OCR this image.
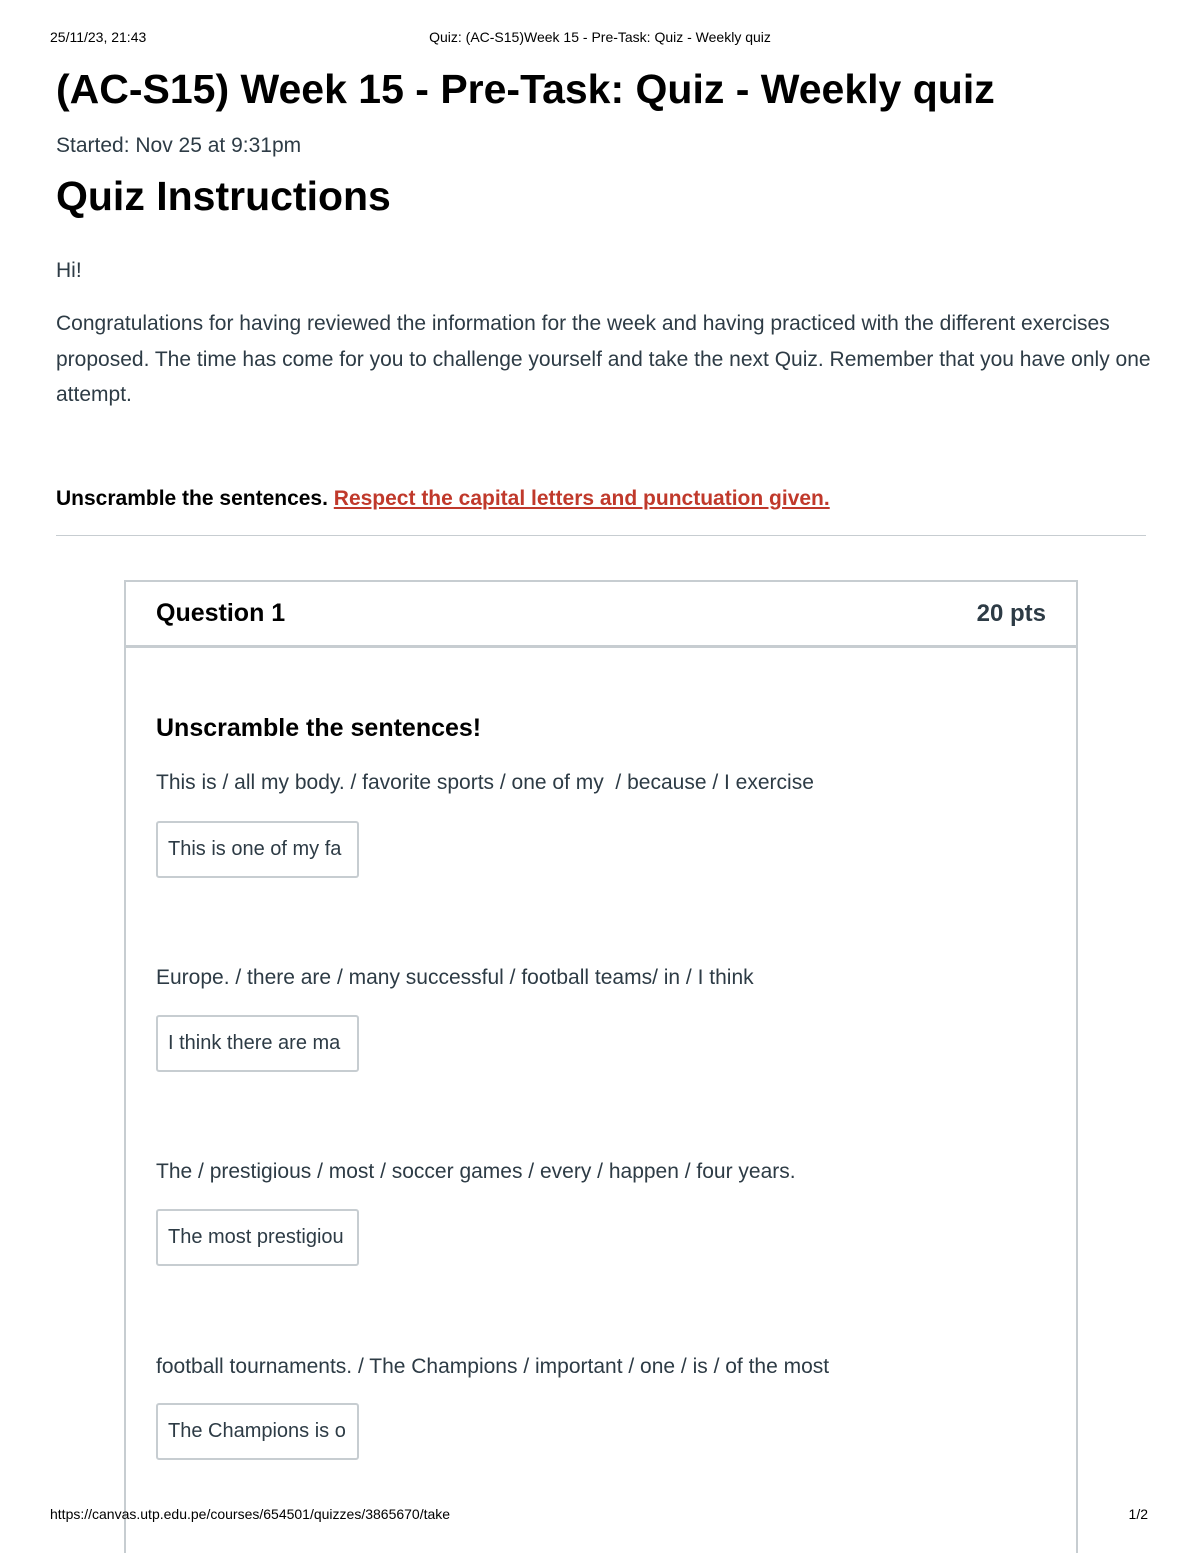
25/11/23, 21:43	Quiz: (AC-S15)Week 15 - Pre-Task: Quiz - Weekly quiz
(AC-S15) Week 15 - Pre-Task: Quiz - Weekly quiz
Started: Nov 25 at 9:31pm
Quiz Instructions
Hi!
Congratulations for having reviewed the information for the week and having practiced with the different exercises proposed. The time has come for you to challenge yourself and take the next Quiz. Remember that you have only one attempt.
Unscramble the sentences. Respect the capital letters and punctuation given.
Question 1	20 pts
Unscramble the sentences!
This is / all my body. / favorite sports / one of my  / because / I exercise
This is one of my fa
Europe. / there are / many successful / football teams/ in / I think
I think there are ma
The / prestigious / most / soccer games / every / happen / four years.
The most prestigiou
football tournaments. / The Champions / important / one / is / of the most
The Champions is o
https://canvas.utp.edu.pe/courses/654501/quizzes/3865670/take	1/2
